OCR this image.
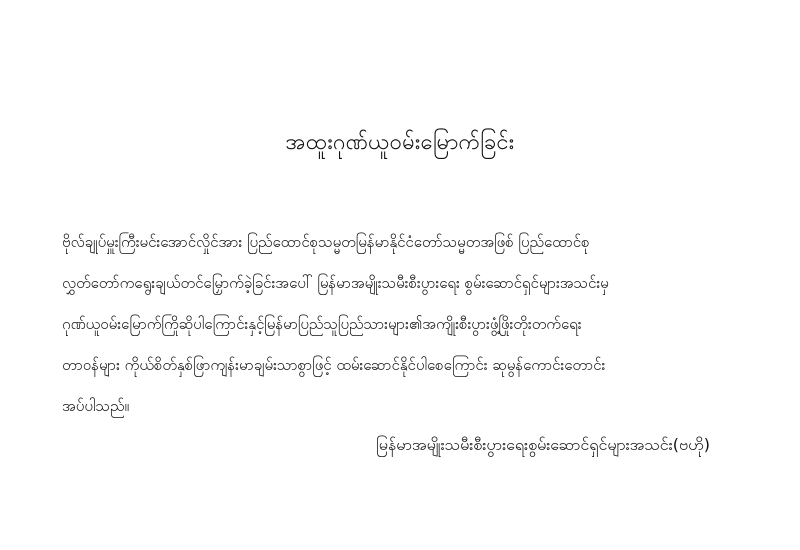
အထူးဂုဏ်ယူဝမ်းမြောက်ခြင်း
ဗိုလ်ချုပ်မှူးကြီးမင်းအောင်လှိုင်အား ပြည်ထောင်စုသမ္မတမြန်မာနိုင်ငံတော်သမ္မတအဖြစ် ပြည်ထောင်စု
လွှတ်တော်ကရွေးချယ်တင်မြှောက်ခဲ့ခြင်းအပေါ် မြန်မာအမျိုးသမီးစီးပွားရေး စွမ်းဆောင်ရှင်များအသင်းမှ
ဂုဏ်ယူဝမ်းမြောက်ကြိုဆိုပါကြောင်းနှင့်မြန်မာပြည်သူပြည်သားများ၏အကျိုးစီးပွားဖွံ့ဖြိုးတိုးတက်ရေး
တာဝန်များ ကိုယ်စိတ်နှစ်ဖြာကျန်းမာချမ်းသာစွာဖြင့် ထမ်းဆောင်နိုင်ပါစေကြောင်း ဆုမွန်ကောင်းတောင်း
အပ်ပါသည်။
မြန်မာအမျိုးသမီးစီးပွားရေးစွမ်းဆောင်ရှင်များအသင်း(ဗဟို)
